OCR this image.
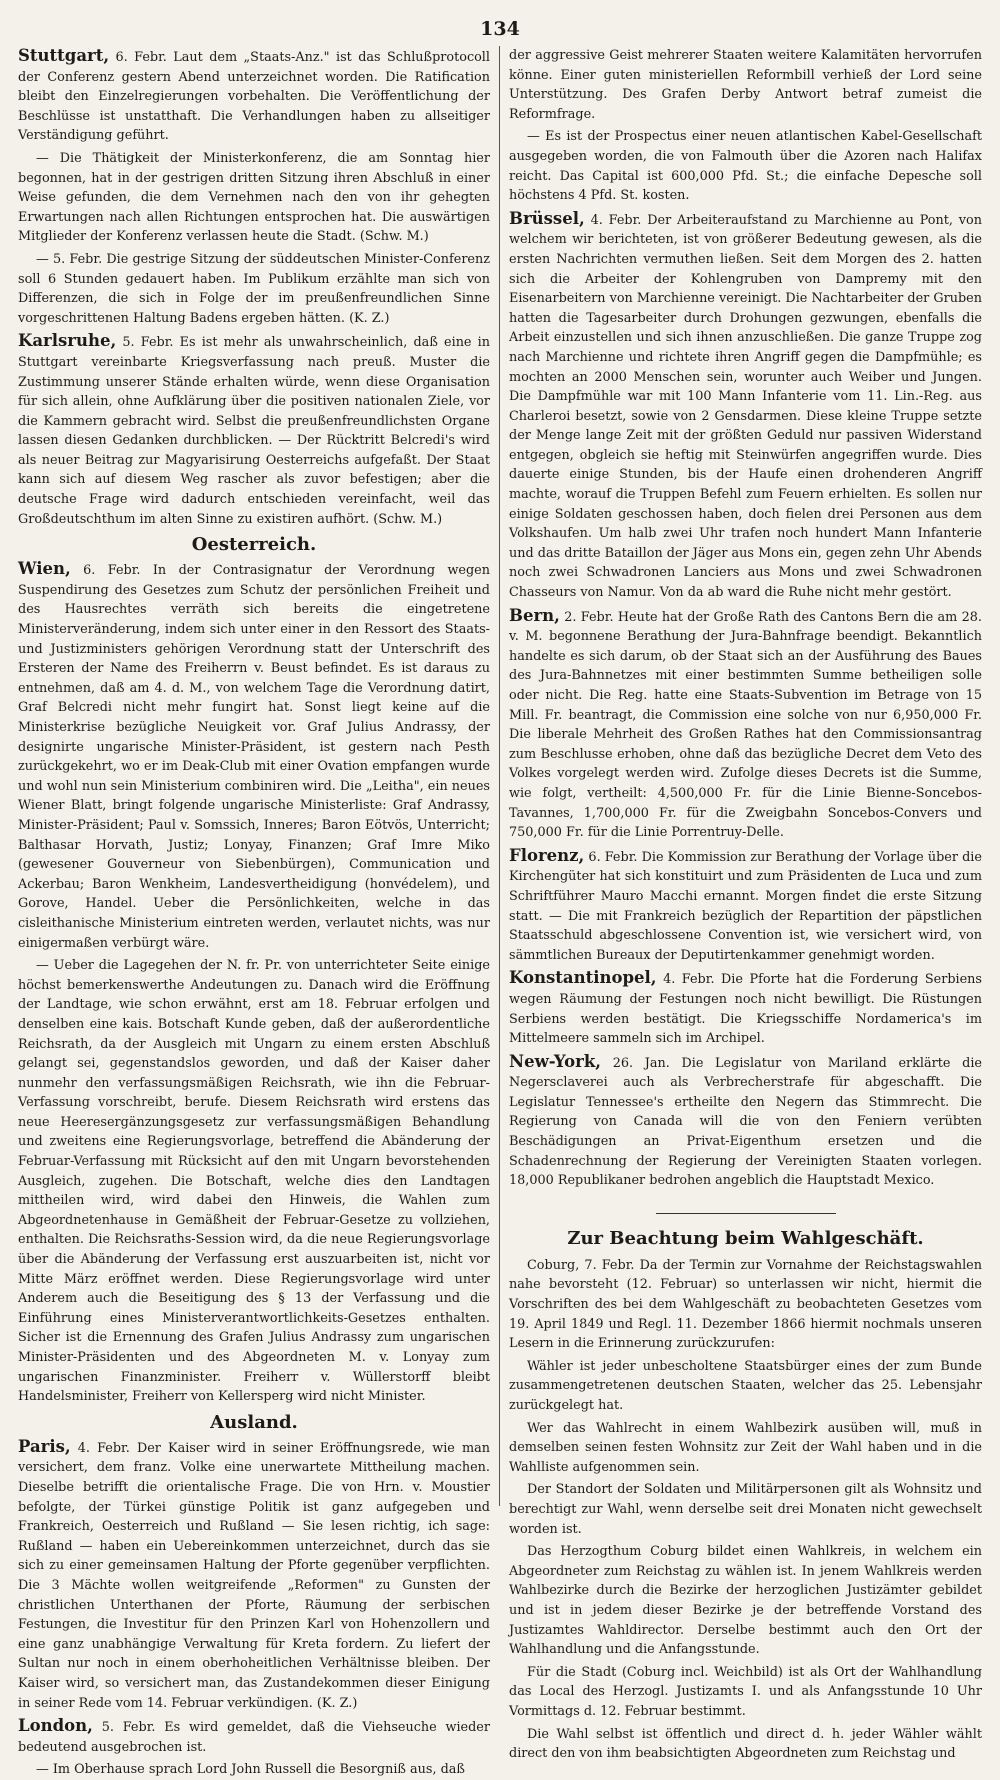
134

Stuttgart, 6. Febr. Laut dem „Staats-Anz." ist das Schlußprotocoll der Conferenz gestern Abend unterzeichnet worden. Die Ratification bleibt den Einzelregierungen vorbehalten. Die Veröffentlichung der Beschlüsse ist unstatthaft. Die Verhandlungen haben zu allseitiger Verständigung geführt.

— Die Thätigkeit der Ministerkonferenz, die am Sonntag hier begonnen, hat in der gestrigen dritten Sitzung ihren Abschluß in einer Weise gefunden, die dem Vernehmen nach den von ihr gehegten Erwartungen nach allen Richtungen entsprochen hat. Die auswärtigen Mitglieder der Konferenz verlassen heute die Stadt. (Schw. M.)

— 5. Febr. Die gestrige Sitzung der süddeutschen Minister-Conferenz soll 6 Stunden gedauert haben. Im Publikum erzählte man sich von Differenzen, die sich in Folge der im preußenfreundlichen Sinne vorgeschrittenen Haltung Badens ergeben hätten. (K. Z.)

Karlsruhe, 5. Febr. Es ist mehr als unwahrscheinlich, daß eine in Stuttgart vereinbarte Kriegsverfassung nach preuß. Muster die Zustimmung unserer Stände erhalten würde, wenn diese Organisation für sich allein, ohne Aufklärung über die positiven nationalen Ziele, vor die Kammern gebracht wird. Selbst die preußenfreundlichsten Organe lassen diesen Gedanken durchblicken. — Der Rücktritt Belcredi's wird als neuer Beitrag zur Magyarisirung Oesterreichs aufgefaßt. Der Staat kann sich auf diesem Weg rascher als zuvor befestigen; aber die deutsche Frage wird dadurch entschieden vereinfacht, weil das Großdeutschthum im alten Sinne zu existiren aufhört. (Schw. M.)

Oesterreich.

Wien, 6. Febr. In der Contrasignatur der Verordnung wegen Suspendirung des Gesetzes zum Schutz der persönlichen Freiheit und des Hausrechtes verräth sich bereits die eingetretene Ministerveränderung, indem sich unter einer in den Ressort des Staats- und Justizministers gehörigen Verordnung statt der Unterschrift des Ersteren der Name des Freiherrn v. Beust befindet. Es ist daraus zu entnehmen, daß am 4. d. M., von welchem Tage die Verordnung datirt, Graf Belcredi nicht mehr fungirt hat. Sonst liegt keine auf die Ministerkrise bezügliche Neuigkeit vor. Graf Julius Andrassy, der designirte ungarische Minister-Präsident, ist gestern nach Pesth zurückgekehrt, wo er im Deak-Club mit einer Ovation empfangen wurde und wohl nun sein Ministerium combiniren wird. Die „Leitha", ein neues Wiener Blatt, bringt folgende ungarische Ministerliste: Graf Andrassy, Minister-Präsident; Paul v. Somssich, Inneres; Baron Eötvös, Unterricht; Balthasar Horvath, Justiz; Lonyay, Finanzen; Graf Imre Miko (gewesener Gouverneur von Siebenbürgen), Communication und Ackerbau; Baron Wenkheim, Landesvertheidigung (honvédelem), und Gorove, Handel. Ueber die Persönlichkeiten, welche in das cisleithanische Ministerium eintreten werden, verlautet nichts, was nur einigermaßen verbürgt wäre.

— Ueber die Lagegehen der N. fr. Pr. von unterrichteter Seite einige höchst bemerkenswerthe Andeutungen zu. Danach wird die Eröffnung der Landtage, wie schon erwähnt, erst am 18. Februar erfolgen und denselben eine kais. Botschaft Kunde geben, daß der außerordentliche Reichsrath, da der Ausgleich mit Ungarn zu einem ersten Abschluß gelangt sei, gegenstandslos geworden, und daß der Kaiser daher nunmehr den verfassungsmäßigen Reichsrath, wie ihn die Februar-Verfassung vorschreibt, berufe. Diesem Reichsrath wird erstens das neue Heeresergänzungsgesetz zur verfassungsmäßigen Behandlung und zweitens eine Regierungsvorlage, betreffend die Abänderung der Februar-Verfassung mit Rücksicht auf den mit Ungarn bevorstehenden Ausgleich, zugehen. Die Botschaft, welche dies den Landtagen mittheilen wird, wird dabei den Hinweis, die Wahlen zum Abgeordnetenhause in Gemäßheit der Februar-Gesetze zu vollziehen, enthalten. Die Reichsraths-Session wird, da die neue Regierungsvorlage über die Abänderung der Verfassung erst auszuarbeiten ist, nicht vor Mitte März eröffnet werden. Diese Regierungsvorlage wird unter Anderem auch die Beseitigung des § 13 der Verfassung und die Einführung eines Ministerverantwortlichkeits-Gesetzes enthalten. Sicher ist die Ernennung des Grafen Julius Andrassy zum ungarischen Minister-Präsidenten und des Abgeordneten M. v. Lonyay zum ungarischen Finanzminister. Freiherr v. Wüllerstorff bleibt Handelsminister, Freiherr von Kellersperg wird nicht Minister.

Ausland.

Paris, 4. Febr. Der Kaiser wird in seiner Eröffnungsrede, wie man versichert, dem franz. Volke eine unerwartete Mittheilung machen. Dieselbe betrifft die orientalische Frage. Die von Hrn. v. Moustier befolgte, der Türkei günstige Politik ist ganz aufgegeben und Frankreich, Oesterreich und Rußland — Sie lesen richtig, ich sage: Rußland — haben ein Uebereinkommen unterzeichnet, durch das sie sich zu einer gemeinsamen Haltung der Pforte gegenüber verpflichten. Die 3 Mächte wollen weitgreifende „Reformen" zu Gunsten der christlichen Unterthanen der Pforte, Räumung der serbischen Festungen, die Investitur für den Prinzen Karl von Hohenzollern und eine ganz unabhängige Verwaltung für Kreta fordern. Zu liefert der Sultan nur noch in einem oberhoheitlichen Verhältnisse bleiben. Der Kaiser wird, so versichert man, das Zustandekommen dieser Einigung in seiner Rede vom 14. Februar verkündigen. (K. Z.)

London, 5. Febr. Es wird gemeldet, daß die Viehseuche wieder bedeutend ausgebrochen ist.

— Im Oberhause sprach Lord John Russell die Besorgniß aus, daß

der aggressive Geist mehrerer Staaten weitere Kalamitäten hervorrufen könne. Einer guten ministeriellen Reformbill verhieß der Lord seine Unterstützung. Des Grafen Derby Antwort betraf zumeist die Reformfrage.

— Es ist der Prospectus einer neuen atlantischen Kabel-Gesellschaft ausgegeben worden, die von Falmouth über die Azoren nach Halifax reicht. Das Capital ist 600,000 Pfd. St.; die einfache Depesche soll höchstens 4 Pfd. St. kosten.

Brüssel, 4. Febr. Der Arbeiteraufstand zu Marchienne au Pont, von welchem wir berichteten, ist von größerer Bedeutung gewesen, als die ersten Nachrichten vermuthen ließen. Seit dem Morgen des 2. hatten sich die Arbeiter der Kohlengruben von Dampremy mit den Eisenarbeitern von Marchienne vereinigt. Die Nachtarbeiter der Gruben hatten die Tagesarbeiter durch Drohungen gezwungen, ebenfalls die Arbeit einzustellen und sich ihnen anzuschließen. Die ganze Truppe zog nach Marchienne und richtete ihren Angriff gegen die Dampfmühle; es mochten an 2000 Menschen sein, worunter auch Weiber und Jungen. Die Dampfmühle war mit 100 Mann Infanterie vom 11. Lin.-Reg. aus Charleroi besetzt, sowie von 2 Gensdarmen. Diese kleine Truppe setzte der Menge lange Zeit mit der größten Geduld nur passiven Widerstand entgegen, obgleich sie heftig mit Steinwürfen angegriffen wurde. Dies dauerte einige Stunden, bis der Haufe einen drohenderen Angriff machte, worauf die Truppen Befehl zum Feuern erhielten. Es sollen nur einige Soldaten geschossen haben, doch fielen drei Personen aus dem Volkshaufen. Um halb zwei Uhr trafen noch hundert Mann Infanterie und das dritte Bataillon der Jäger aus Mons ein, gegen zehn Uhr Abends noch zwei Schwadronen Lanciers aus Mons und zwei Schwadronen Chasseurs von Namur. Von da ab ward die Ruhe nicht mehr gestört.

Bern, 2. Febr. Heute hat der Große Rath des Cantons Bern die am 28. v. M. begonnene Berathung der Jura-Bahnfrage beendigt. Bekanntlich handelte es sich darum, ob der Staat sich an der Ausführung des Baues des Jura-Bahnnetzes mit einer bestimmten Summe betheiligen solle oder nicht. Die Reg. hatte eine Staats-Subvention im Betrage von 15 Mill. Fr. beantragt, die Commission eine solche von nur 6,950,000 Fr. Die liberale Mehrheit des Großen Rathes hat den Commissionsantrag zum Beschlusse erhoben, ohne daß das bezügliche Decret dem Veto des Volkes vorgelegt werden wird. Zufolge dieses Decrets ist die Summe, wie folgt, vertheilt: 4,500,000 Fr. für die Linie Bienne-Soncebos-Tavannes, 1,700,000 Fr. für die Zweigbahn Soncebos-Convers und 750,000 Fr. für die Linie Porrentruy-Delle.

Florenz, 6. Febr. Die Kommission zur Berathung der Vorlage über die Kirchengüter hat sich konstituirt und zum Präsidenten de Luca und zum Schriftführer Mauro Macchi ernannt. Morgen findet die erste Sitzung statt. — Die mit Frankreich bezüglich der Repartition der päpstlichen Staatsschuld abgeschlossene Convention ist, wie versichert wird, von sämmtlichen Bureaux der Deputirtenkammer genehmigt worden.

Konstantinopel, 4. Febr. Die Pforte hat die Forderung Serbiens wegen Räumung der Festungen noch nicht bewilligt. Die Rüstungen Serbiens werden bestätigt. Die Kriegsschiffe Nordamerica's im Mittelmeere sammeln sich im Archipel.

New-York, 26. Jan. Die Legislatur von Mariland erklärte die Negersclaverei auch als Verbrecherstrafe für abgeschafft. Die Legislatur Tennessee's ertheilte den Negern das Stimmrecht. Die Regierung von Canada will die von den Feniern verübten Beschädigungen an Privat-Eigenthum ersetzen und die Schadenrechnung der Regierung der Vereinigten Staaten vorlegen. 18,000 Republikaner bedrohen angeblich die Hauptstadt Mexico.

Zur Beachtung beim Wahlgeschäft.

Coburg, 7. Febr. Da der Termin zur Vornahme der Reichstagswahlen nahe bevorsteht (12. Februar) so unterlassen wir nicht, hiermit die Vorschriften des bei dem Wahlgeschäft zu beobachteten Gesetzes vom 19. April 1849 und Regl. 11. Dezember 1866 hiermit nochmals unseren Lesern in die Erinnerung zurückzurufen:

Wähler ist jeder unbescholtene Staatsbürger eines der zum Bunde zusammengetretenen deutschen Staaten, welcher das 25. Lebensjahr zurückgelegt hat.

Wer das Wahlrecht in einem Wahlbezirk ausüben will, muß in demselben seinen festen Wohnsitz zur Zeit der Wahl haben und in die Wahlliste aufgenommen sein.

Der Standort der Soldaten und Militärpersonen gilt als Wohnsitz und berechtigt zur Wahl, wenn derselbe seit drei Monaten nicht gewechselt worden ist.

Das Herzogthum Coburg bildet einen Wahlkreis, in welchem ein Abgeordneter zum Reichstag zu wählen ist. In jenem Wahlkreis werden Wahlbezirke durch die Bezirke der herzoglichen Justizämter gebildet und ist in jedem dieser Bezirke je der betreffende Vorstand des Justizamtes Wahldirector. Derselbe bestimmt auch den Ort der Wahlhandlung und die Anfangsstunde.

Für die Stadt (Coburg incl. Weichbild) ist als Ort der Wahlhandlung das Local des Herzogl. Justizamts I. und als Anfangsstunde 10 Uhr Vormittags d. 12. Februar bestimmt.

Die Wahl selbst ist öffentlich und direct d. h. jeder Wähler wählt direct den von ihm beabsichtigten Abgeordneten zum Reichstag und
